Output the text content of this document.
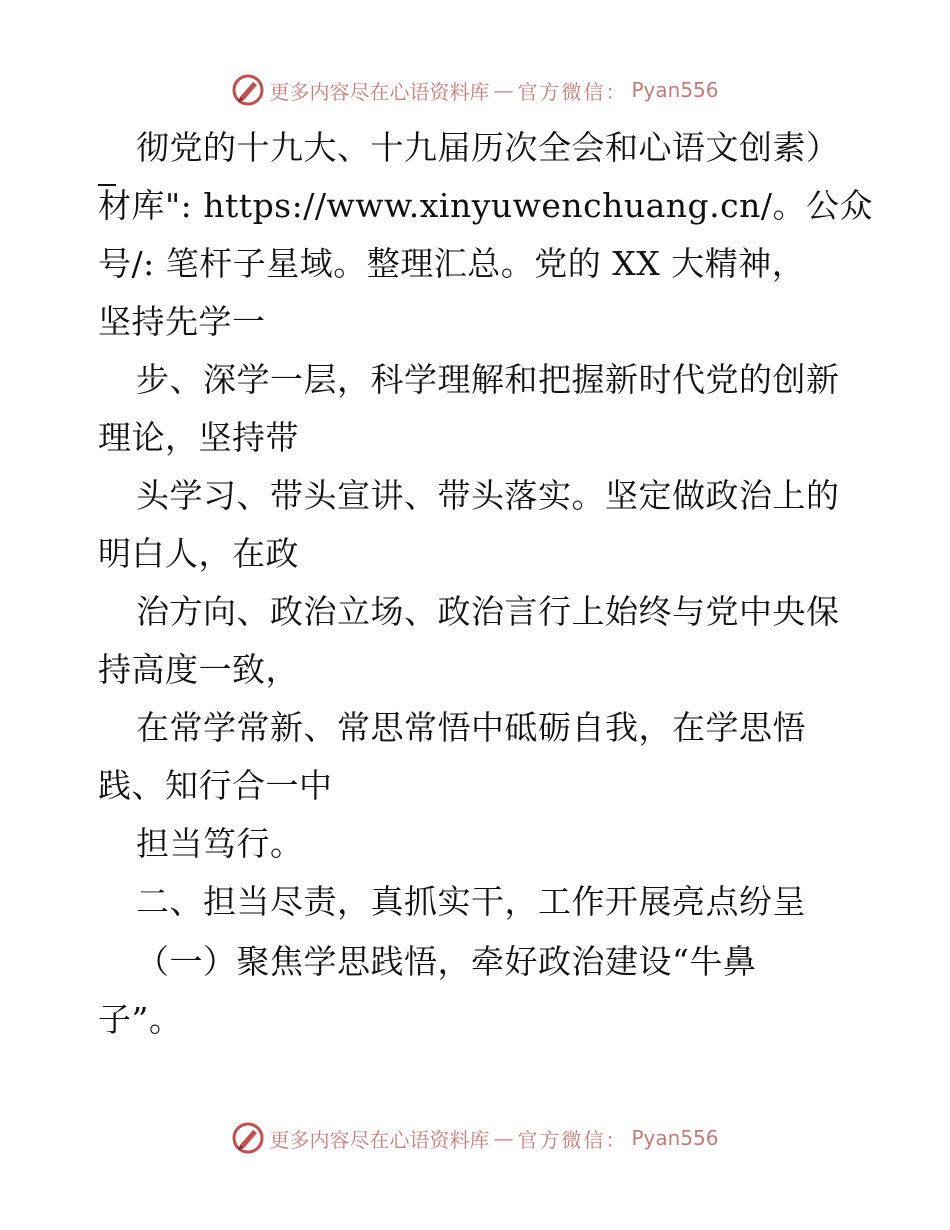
更多内容尽在心语资料库 — 官方微信： Pyan556
彻党的十九大、十九届历次全会和心语文创素）
材库": https://www.xinyuwenchuang.cn/。公众
号/: 笔杆子星域。整理汇总。党的 XX 大精神，
坚持先学一
步、深学一层，科学理解和把握新时代党的创新
理论，坚持带
头学习、带头宣讲、带头落实。坚定做政治上的
明白人，在政
治方向、政治立场、政治言行上始终与党中央保
持高度一致，
在常学常新、常思常悟中砥砺自我，在学思悟
践、知行合一中
担当笃行。
二、担当尽责，真抓实干，工作开展亮点纷呈
（一）聚焦学思践悟，牵好政治建设“牛鼻
子”。
更多内容尽在心语资料库 — 官方微信： Pyan556
